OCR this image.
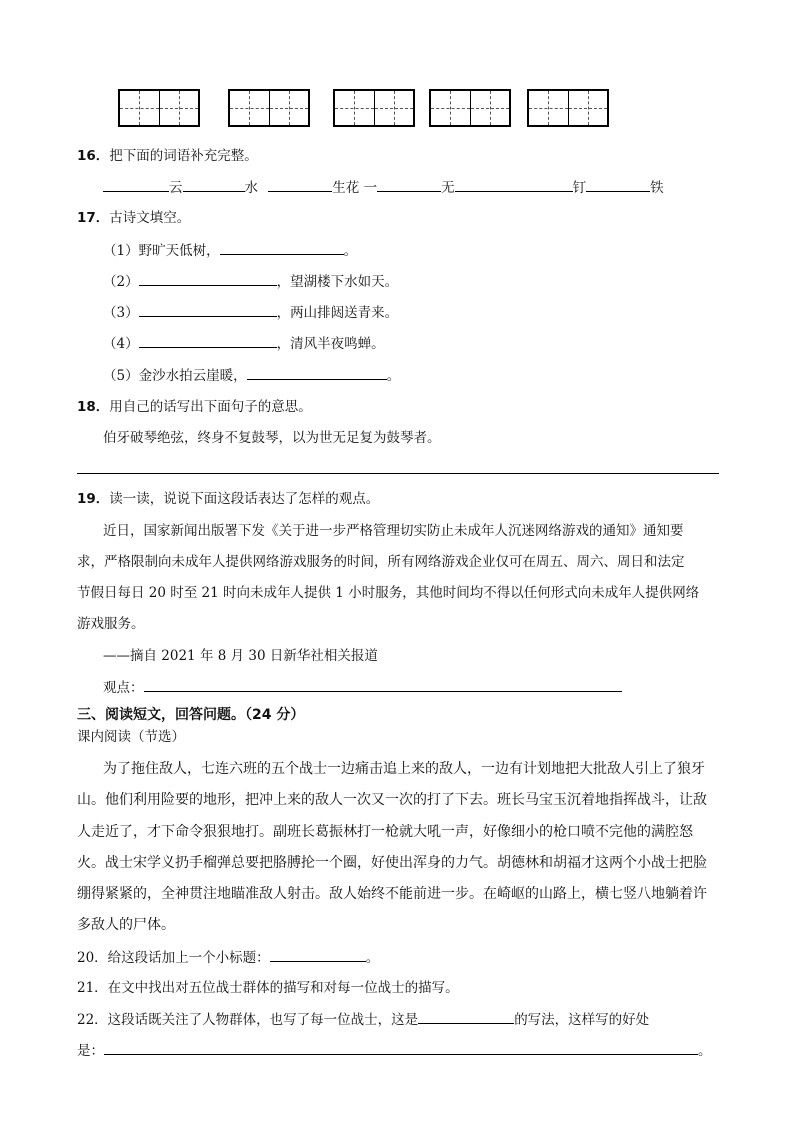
16．把下面的词语补充完整。
云	水	生花 一	无	钉	铁
17．古诗文填空。
（1）野旷天低树，	。
（2）	，望湖楼下水如天。
（3）	，两山排闼送青来。
（4）	，清风半夜鸣蝉。
（5）金沙水拍云崖暖，	。
18．用自己的话写出下面句子的意思。
伯牙破琴绝弦，终身不复鼓琴，以为世无足复为鼓琴者。
19．读一读，说说下面这段话表达了怎样的观点。
近日，国家新闻出版署下发《关于进一步严格管理切实防止未成年人沉迷网络游戏的通知》通知要
求，严格限制向未成年人提供网络游戏服务的时间，所有网络游戏企业仅可在周五、周六、周日和法定
节假日每日 20 时至 21 时向未成年人提供 1 小时服务，其他时间均不得以任何形式向未成年人提供网络
游戏服务。
——摘自 2021 年 8 月 30 日新华社相关报道
观点：
三、阅读短文，回答问题。（24 分）
课内阅读（节选）
为了拖住敌人，七连六班的五个战士一边痛击追上来的敌人，一边有计划地把大批敌人引上了狼牙
山。他们利用险要的地形，把冲上来的敌人一次又一次的打了下去。班长马宝玉沉着地指挥战斗，让敌
人走近了，才下命令狠狠地打。副班长葛振林打一枪就大吼一声，好像细小的枪口喷不完他的满腔怒
火。战士宋学义扔手榴弹总要把胳膊抡一个圈，好使出浑身的力气。胡德林和胡福才这两个小战士把脸
绷得紧紧的，全神贯注地瞄准敌人射击。敌人始终不能前进一步。在崎岖的山路上，横七竖八地躺着许
多敌人的尸体。
20．给这段话加上一个小标题：	。
21．在文中找出对五位战士群体的描写和对每一位战士的描写。
22．这段话既关注了人物群体，也写了每一位战士，这是	的写法，这样写的好处
是：	。
